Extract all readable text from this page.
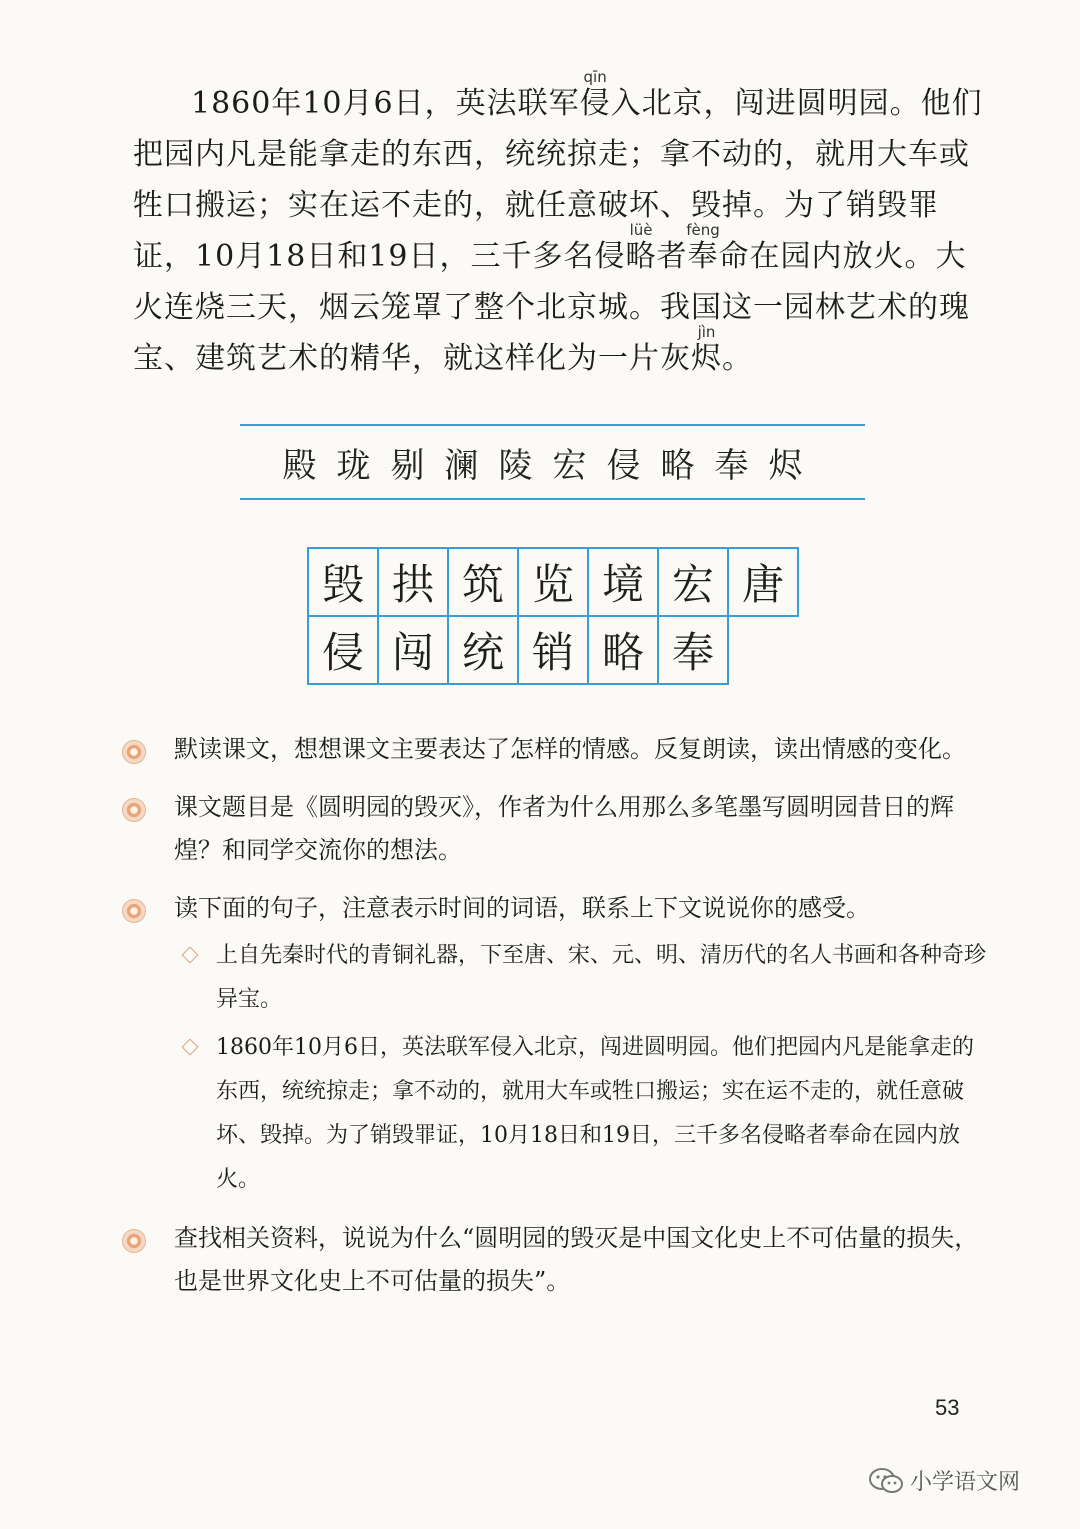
1860年10月6日，英法联军侵qīn入北京，闯进圆明园。他们把园内凡是能拿走的东西，统统掠走；拿不动的，就用大车或牲口搬运；实在运不走的，就任意破坏、毁掉。为了销毁罪证，10月18日和19日，三千多名侵略lüè者奉fèng命在园内放火。大火连烧三天，烟云笼罩了整个北京城。我国这一园林艺术的瑰宝、建筑艺术的精华，就这样化为一片灰烬jìn。

殿珑剔澜陵宏侵略奉烬
毁	拱	筑	览	境	宏	唐
侵	闯	统	销	略	奉	

默读课文，想想课文主要表达了怎样的情感。反复朗读，读出情感的变化。

课文题目是《圆明园的毁灭》，作者为什么用那么多笔墨写圆明园昔日的辉煌？和同学交流你的想法。

读下面的句子，注意表示时间的词语，联系上下文说说你的感受。

上自先秦时代的青铜礼器，下至唐、宋、元、明、清历代的名人书画和各种奇珍异宝。
1860年10月6日，英法联军侵入北京，闯进圆明园。他们把园内凡是能拿走的东西，统统掠走；拿不动的，就用大车或牲口搬运；实在运不走的，就任意破坏、毁掉。为了销毁罪证，10月18日和19日，三千多名侵略者奉命在园内放火。

查找相关资料，说说为什么“圆明园的毁灭是中国文化史上不可估量的损失，也是世界文化史上不可估量的损失”。

53
小学语文网
